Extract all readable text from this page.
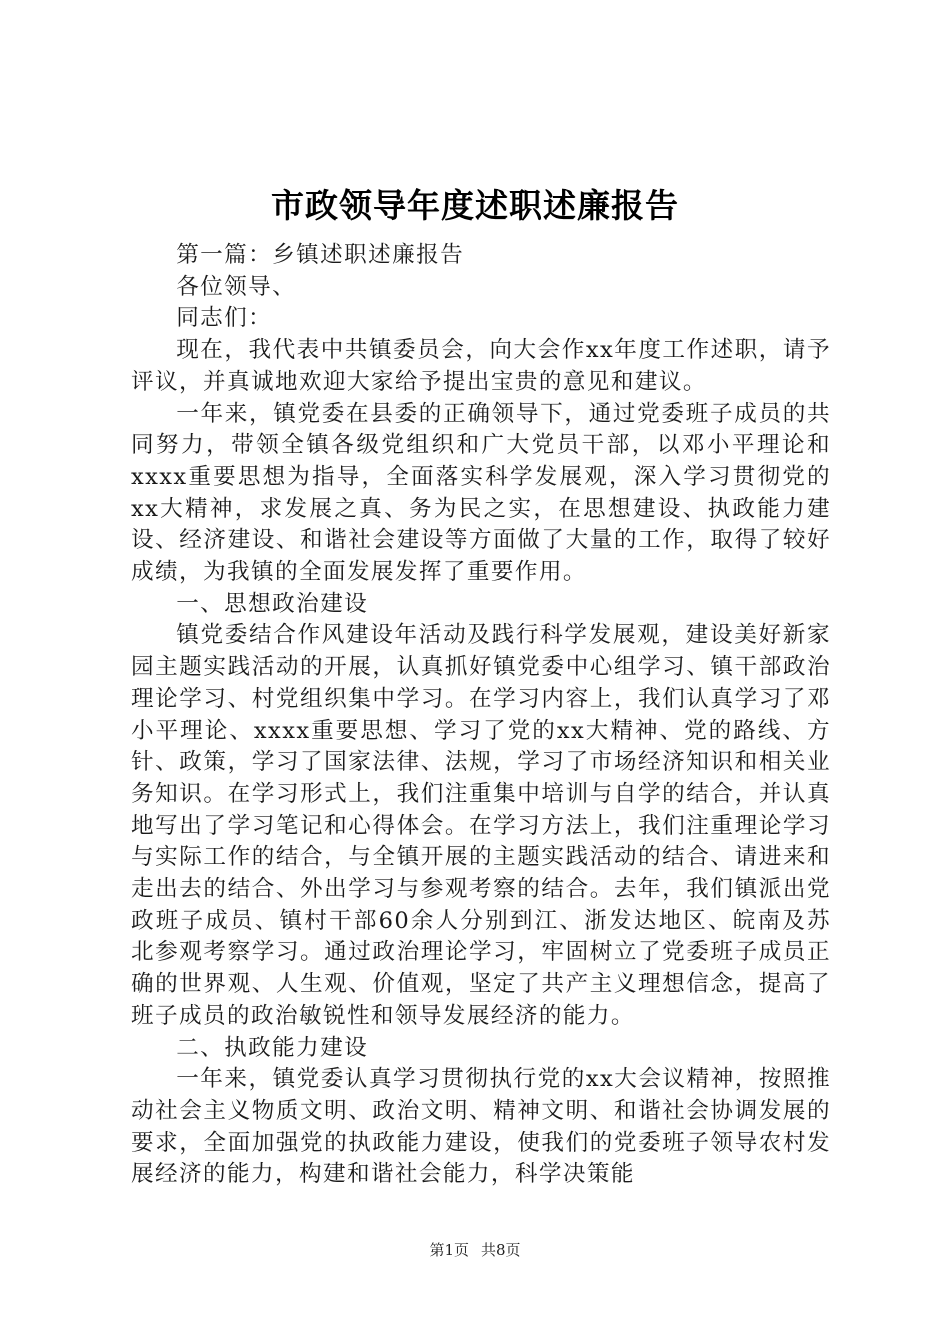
市政领导年度述职述廉报告

第一篇：乡镇述职述廉报告

各位领导、

同志们：

现在，我代表中共镇委员会，向大会作xx年度工作述职，请予评议，并真诚地欢迎大家给予提出宝贵的意见和建议。

一年来，镇党委在县委的正确领导下，通过党委班子成员的共同努力，带领全镇各级党组织和广大党员干部，以邓小平理论和xxxx重要思想为指导，全面落实科学发展观，深入学习贯彻党的xx大精神，求发展之真、务为民之实，在思想建设、执政能力建设、经济建设、和谐社会建设等方面做了大量的工作，取得了较好成绩，为我镇的全面发展发挥了重要作用。

一、思想政治建设

镇党委结合作风建设年活动及践行科学发展观，建设美好新家园主题实践活动的开展，认真抓好镇党委中心组学习、镇干部政治理论学习、村党组织集中学习。在学习内容上，我们认真学习了邓小平理论、xxxx重要思想、学习了党的xx大精神、党的路线、方针、政策，学习了国家法律、法规，学习了市场经济知识和相关业务知识。在学习形式上，我们注重集中培训与自学的结合，并认真地写出了学习笔记和心得体会。在学习方法上，我们注重理论学习与实际工作的结合，与全镇开展的主题实践活动的结合、请进来和走出去的结合、外出学习与参观考察的结合。去年，我们镇派出党政班子成员、镇村干部60余人分别到江、浙发达地区、皖南及苏北参观考察学习。通过政治理论学习，牢固树立了党委班子成员正确的世界观、人生观、价值观，坚定了共产主义理想信念，提高了班子成员的政治敏锐性和领导发展经济的能力。

二、执政能力建设

一年来，镇党委认真学习贯彻执行党的xx大会议精神，按照推动社会主义物质文明、政治文明、精神文明、和谐社会协调发展的要求，全面加强党的执政能力建设，使我们的党委班子领导农村发展经济的能力，构建和谐社会能力，科学决策能

第1页 共8页
